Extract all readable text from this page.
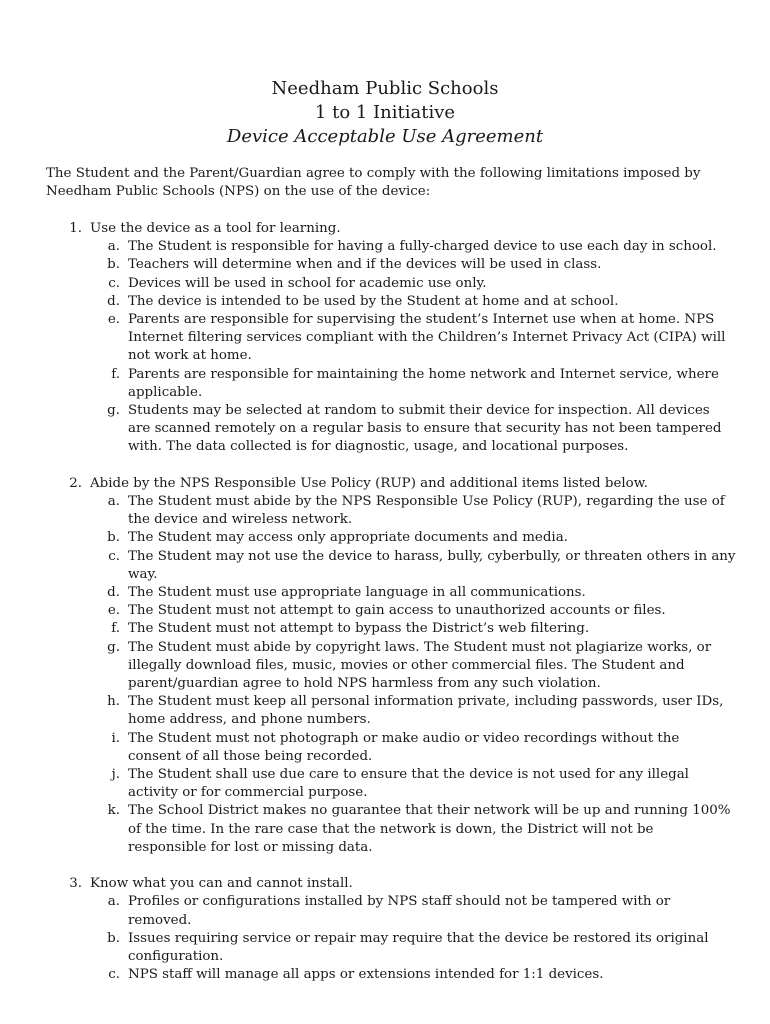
Needham Public Schools
1 to 1 Initiative
Device Acceptable Use Agreement

The Student and the Parent/Guardian agree to comply with the following limitations imposed by Needham Public Schools (NPS) on the use of the device:

1. Use the device as a tool for learning.
a. The Student is responsible for having a fully-charged device to use each day in school.
b. Teachers will determine when and if the devices will be used in class.
c. Devices will be used in school for academic use only.
d. The device is intended to be used by the Student at home and at school.
e. Parents are responsible for supervising the student’s Internet use when at home. NPS Internet filtering services compliant with the Children’s Internet Privacy Act (CIPA) will not work at home.
f. Parents are responsible for maintaining the home network and Internet service, where applicable.
g. Students may be selected at random to submit their device for inspection. All devices are scanned remotely on a regular basis to ensure that security has not been tampered with. The data collected is for diagnostic, usage, and locational purposes.
2. Abide by the NPS Responsible Use Policy (RUP) and additional items listed below.
a. The Student must abide by the NPS Responsible Use Policy (RUP), regarding the use of the device and wireless network.
b. The Student may access only appropriate documents and media.
c. The Student may not use the device to harass, bully, cyberbully, or threaten others in any way.
d. The Student must use appropriate language in all communications.
e. The Student must not attempt to gain access to unauthorized accounts or files.
f. The Student must not attempt to bypass the District’s web filtering.
g. The Student must abide by copyright laws. The Student must not plagiarize works, or illegally download files, music, movies or other commercial files. The Student and parent/guardian agree to hold NPS harmless from any such violation.
h. The Student must keep all personal information private, including passwords, user IDs, home address, and phone numbers.
i. The Student must not photograph or make audio or video recordings without the consent of all those being recorded.
j. The Student shall use due care to ensure that the device is not used for any illegal activity or for commercial purpose.
k. The School District makes no guarantee that their network will be up and running 100% of the time. In the rare case that the network is down, the District will not be responsible for lost or missing data.
3. Know what you can and cannot install.
a. Profiles or configurations installed by NPS staff should not be tampered with or removed.
b. Issues requiring service or repair may require that the device be restored its original configuration.
c. NPS staff will manage all apps or extensions intended for 1:1 devices.
